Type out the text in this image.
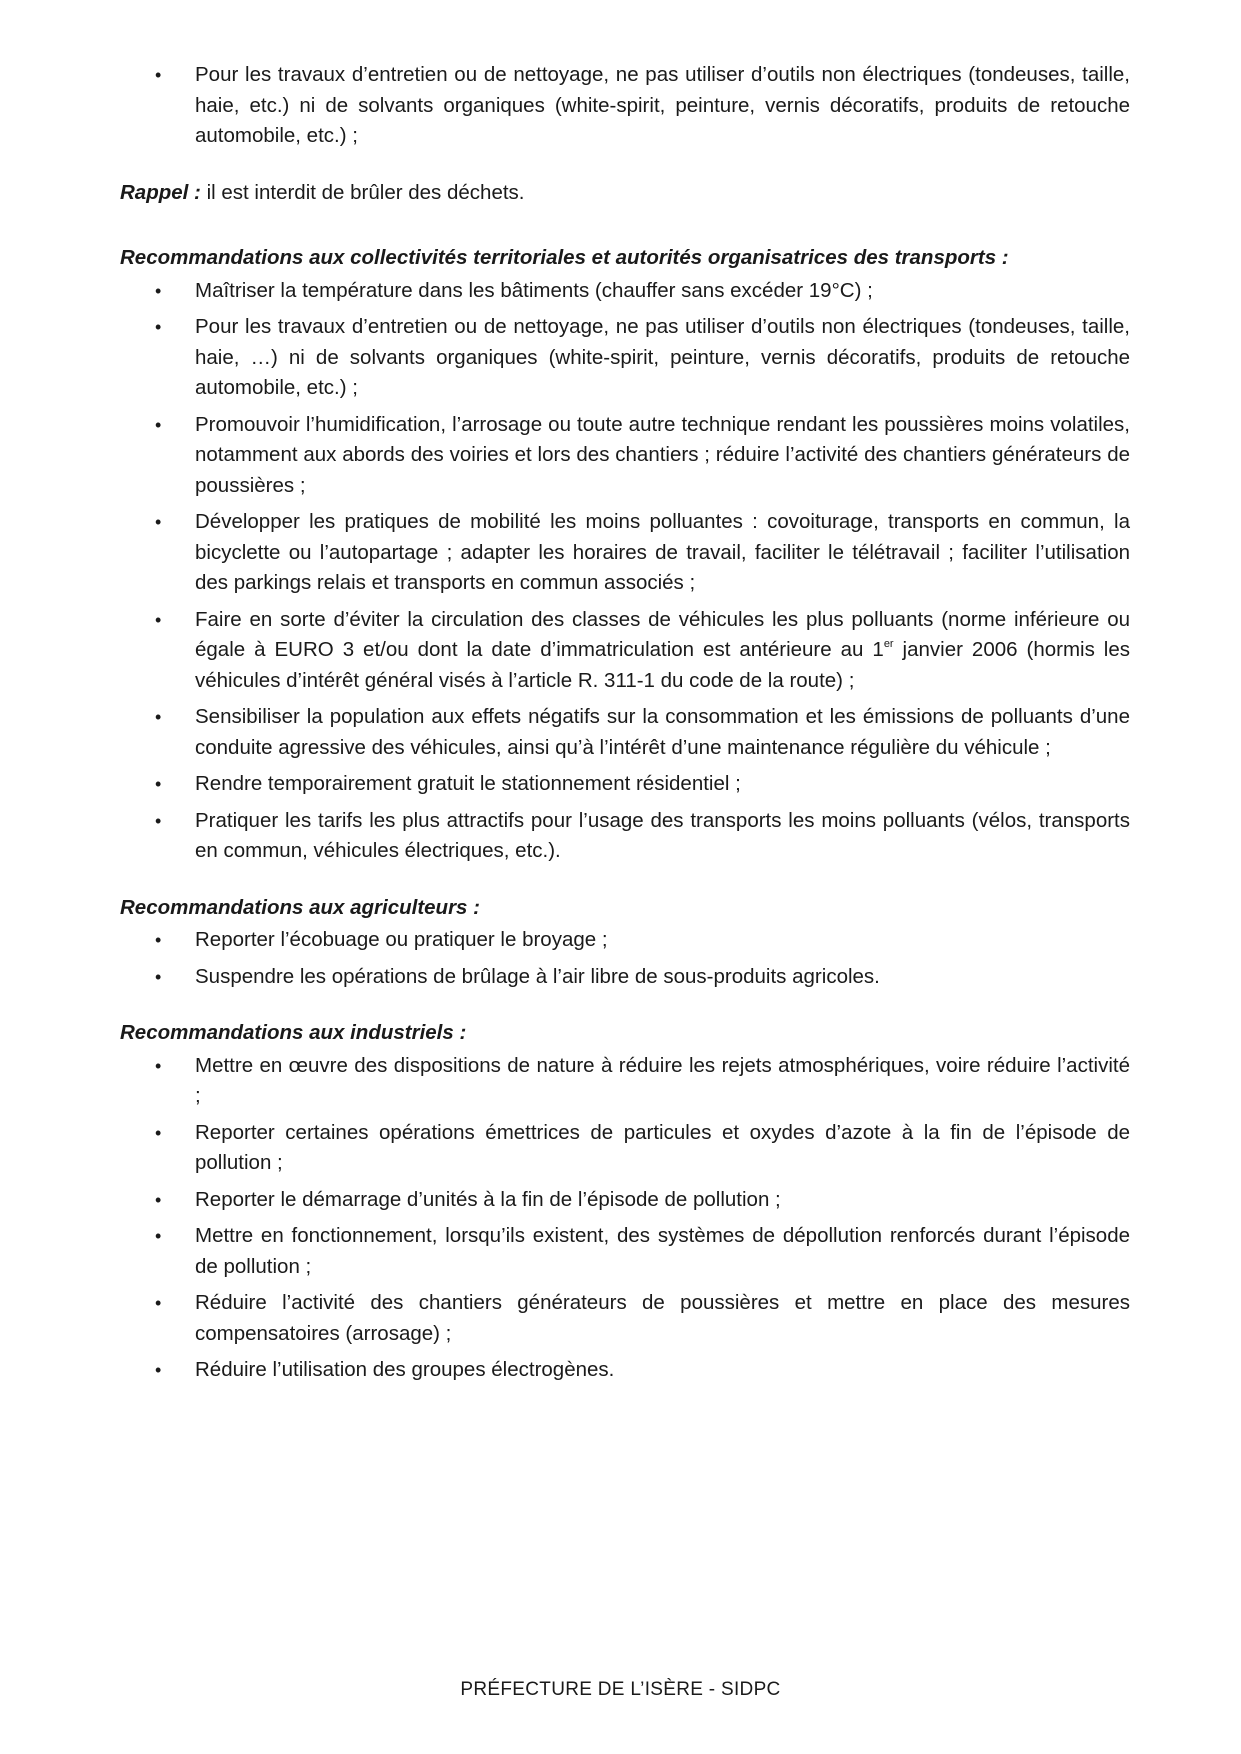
• Pour les travaux d’entretien ou de nettoyage, ne pas utiliser d’outils non électriques (tondeuses, taille, haie, etc.) ni de solvants organiques (white-spirit, peinture, vernis décoratifs, produits de retouche automobile, etc.) ;

Rappel : il est interdit de brûler des déchets.

Recommandations aux collectivités territoriales et autorités organisatrices des transports :

• Maîtriser la température dans les bâtiments (chauffer sans excéder 19°C) ;
• Pour les travaux d’entretien ou de nettoyage, ne pas utiliser d’outils non électriques (tondeuses, taille, haie, …) ni de solvants organiques (white-spirit, peinture, vernis décoratifs, produits de retouche automobile, etc.) ;
• Promouvoir l’humidification, l’arrosage ou toute autre technique rendant les poussières moins volatiles, notamment aux abords des voiries et lors des chantiers ; réduire l’activité des chantiers générateurs de poussières ;
• Développer les pratiques de mobilité les moins polluantes : covoiturage, transports en commun, la bicyclette ou l’autopartage ; adapter les horaires de travail, faciliter le télétravail ; faciliter l’utilisation des parkings relais et transports en commun associés ;
• Faire en sorte d’éviter la circulation des classes de véhicules les plus polluants (norme inférieure ou égale à EURO 3 et/ou dont la date d’immatriculation est antérieure au 1er janvier 2006 (hormis les véhicules d’intérêt général visés à l’article R. 311-1 du code de la route) ;
• Sensibiliser la population aux effets négatifs sur la consommation et les émissions de polluants d’une conduite agressive des véhicules, ainsi qu’à l’intérêt d’une maintenance régulière du véhicule ;
• Rendre temporairement gratuit le stationnement résidentiel ;
• Pratiquer les tarifs les plus attractifs pour l’usage des transports les moins polluants (vélos, transports en commun, véhicules électriques, etc.).

Recommandations aux agriculteurs :

• Reporter l’écobuage ou pratiquer le broyage ;
• Suspendre les opérations de brûlage à l’air libre de sous-produits agricoles.

Recommandations aux industriels :

• Mettre en œuvre des dispositions de nature à réduire les rejets atmosphériques, voire réduire l’activité ;
• Reporter certaines opérations émettrices de particules et oxydes d’azote à la fin de l’épisode de pollution ;
• Reporter le démarrage d’unités à la fin de l’épisode de pollution ;
• Mettre en fonctionnement, lorsqu’ils existent, des systèmes de dépollution renforcés durant l’épisode de pollution ;
• Réduire l’activité des chantiers générateurs de poussières et mettre en place des mesures compensatoires (arrosage) ;
• Réduire l’utilisation des groupes électrogènes.
PRÉFECTURE DE L’ISÈRE - SIDPC
